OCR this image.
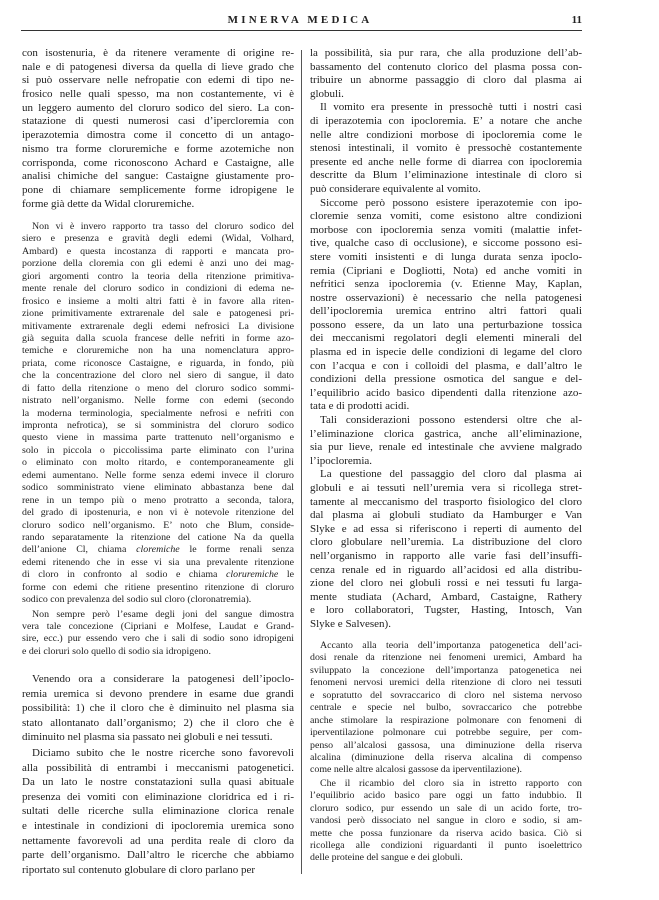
MINERVA MEDICA	11
con isostenuria, è da ritenere veramente di origine re-
nale e di patogenesi diversa da quella di lieve grado che
si può osservare nelle nefropatie con edemi di tipo ne-
frosico nelle quali spesso, ma non costantemente, vi è
un leggero aumento del cloruro sodico del siero. La con-
statazione di questi numerosi casi d’ipercloremia con
iperazotemia dimostra come il concetto di un antago-
nismo tra forme cloruremiche e forme azotemiche non
corrisponda, come riconoscono Achard e Castaigne, alle
analisi chimiche del sangue: Castaigne giustamente pro-
pone di chiamare semplicemente forme idropigene le
forme già dette da Widal cloruremiche.
Non vi è invero rapporto tra tasso del cloruro sodico del
siero e presenza e gravità degli edemi (Widal, Volhard,
Ambard) e questa incostanza di rapporti e mancata pro-
porzione della cloremia con gli edemi è anzi uno dei mag-
giori argomenti contro la teoria della ritenzione primitiva-
mente renale del cloruro sodico in condizioni di edema ne-
frosico e insieme a molti altri fatti è in favore alla riten-
zione primitivamente extrarenale del sale e patogenesi pri-
mitivamente extrarenale degli edemi nefrosici La divisione
già seguita dalla scuola francese delle nefriti in forme azo-
temiche e cloruremiche non ha una nomenclatura appro-
priata, come riconosce Castaigne, e riguarda, in fondo, più
che la concentrazione del cloro nel siero di sangue, il dato
di fatto della ritenzione o meno del cloruro sodico sommi-
nistrato nell’organismo. Nelle forme con edemi (secondo
la moderna terminologia, specialmente nefrosi e nefriti con
impronta nefrotica), se si somministra del cloruro sodico
questo viene in massima parte trattenuto nell’organismo e
solo in piccola o piccolissima parte eliminato con l’urina
o eliminato con molto ritardo, e contemporaneamente gli
edemi aumentano. Nelle forme senza edemi invece il cloruro
sodico somministrato viene eliminato abbastanza bene dal
rene in un tempo più o meno protratto a seconda, talora,
del grado di ipostenuria, e non vi è notevole ritenzione del
cloruro sodico nell’organismo. E’ noto che Blum, conside-
rando separatamente la ritenzione del catione Na da quella
dell’anione Cl, chiama cloremiche le forme renali senza
edemi ritenendo che in esse vi sia una prevalente ritenzione
di cloro in confronto al sodio e chiama cloruremiche le
forme con edemi che ritiene presentino ritenzione di cloruro
sodico con prevalenza del sodio sul cloro (cloronatremia).
Non sempre però l’esame degli joni del sangue dimostra
vera tale concezione (Cipriani e Molfese, Laudat e Grand-
sire, ecc.) pur essendo vero che i sali di sodio sono idropigeni
e dei cloruri solo quello di sodio sia idropigeno.
Venendo ora a considerare la patogenesi dell’ipoclo-
remia uremica si devono prendere in esame due grandi
possibilità: 1) che il cloro che è diminuito nel plasma sia
stato allontanato dall’organismo; 2) che il cloro che è
diminuito nel plasma sia passato nei globuli e nei tessuti.
Diciamo subito che le nostre ricerche sono favorevoli
alla possibilità di entrambi i meccanismi patogenetici.
Da un lato le nostre constatazioni sulla quasi abituale
presenza dei vomiti con eliminazione cloridrica ed i ri-
sultati delle ricerche sulla eliminazione clorica renale
e intestinale in condizioni di ipocloremia uremica sono
nettamente favorevoli ad una perdita reale di cloro da
parte dell’organismo. Dall’altro le ricerche che abbiamo
riportato sul contenuto globulare di cloro parlano per
la possibilità, sia pur rara, che alla produzione dell’ab-
bassamento del contenuto clorico del plasma possa con-
tribuire un abnorme passaggio di cloro dal plasma ai
globuli.
Il vomito era presente in pressochè tutti i nostri casi
di iperazotemia con ipocloremia. E’ a notare che anche
nelle altre condizioni morbose di ipocloremia come le
stenosi intestinali, il vomito è pressochè costantemente
presente ed anche nelle forme di diarrea con ipocloremia
descritte da Blum l’eliminazione intestinale di cloro si
può considerare equivalente al vomito.
Siccome però possono esistere iperazotemie con ipo-
cloremie senza vomiti, come esistono altre condizioni
morbose con ipocloremia senza vomiti (malattie infet-
tive, qualche caso di occlusione), e siccome possono esi-
stere vomiti insistenti e di lunga durata senza ipoclo-
remia (Cipriani e Dogliotti, Nota) ed anche vomiti in
nefritici senza ipocloremia (v. Etienne May, Kaplan,
nostre osservazioni) è necessario che nella patogenesi
dell’ipocloremia uremica entrino altri fattori quali
possono essere, da un lato una perturbazione tossica
dei meccanismi regolatori degli elementi minerali del
plasma ed in ispecie delle condizioni di legame del cloro
con l’acqua e con i colloidi del plasma, e dall’altro le
condizioni della pressione osmotica del sangue e del-
l’equilibrio acido basico dipendenti dalla ritenzione azo-
tata e di prodotti acidi.
Tali considerazioni possono estendersi oltre che al-
l’eliminazione clorica gastrica, anche all’eliminazione,
sia pur lieve, renale ed intestinale che avviene malgrado
l’ipocloremia.
La questione del passaggio del cloro dal plasma ai
globuli e ai tessuti nell’uremia vera si ricollega stret-
tamente al meccanismo del trasporto fisiologico del cloro
dal plasma ai globuli studiato da Hamburger e Van
Slyke e ad essa si riferiscono i reperti di aumento del
cloro globulare nell’uremia. La distribuzione del cloro
nell’organismo in rapporto alle varie fasi dell’insuffi-
cenza renale ed in riguardo all’acidosi ed alla distribu-
zione del cloro nei globuli rossi e nei tessuti fu larga-
mente studiata (Achard, Ambard, Castaigne, Rathery
e loro collaboratori, Tugster, Hasting, Intosch, Van
Slyke e Salvesen).
Accanto alla teoria dell’importanza patogenetica dell’aci-
dosi renale da ritenzione nei fenomeni uremici, Ambard ha
sviluppato la concezione dell’importanza patogenetica nei
fenomeni nervosi uremici della ritenzione di cloro nei tessuti
e sopratutto del sovraccarico di cloro nel sistema nervoso
centrale e specie nel bulbo, sovraccarico che potrebbe
anche stimolare la respirazione polmonare con fenomeni di
iperventilazione polmonare cui potrebbe seguire, per com-
penso all’alcalosi gassosa, una diminuzione della riserva
alcalina (diminuzione della riserva alcalina di compenso
come nelle altre alcalosi gassose da iperventilazione).
Che il ricambio del cloro sia in istretto rapporto con
l’equilibrio acido basico pare oggi un fatto indubbio. Il
cloruro sodico, pur essendo un sale di un acido forte, tro-
vandosi però dissociato nel sangue in cloro e sodio, si am-
mette che possa funzionare da riserva acido basica. Ciò si
ricollega alle condizioni riguardanti il punto isoelettrico
delle proteine del sangue e dei globuli.
